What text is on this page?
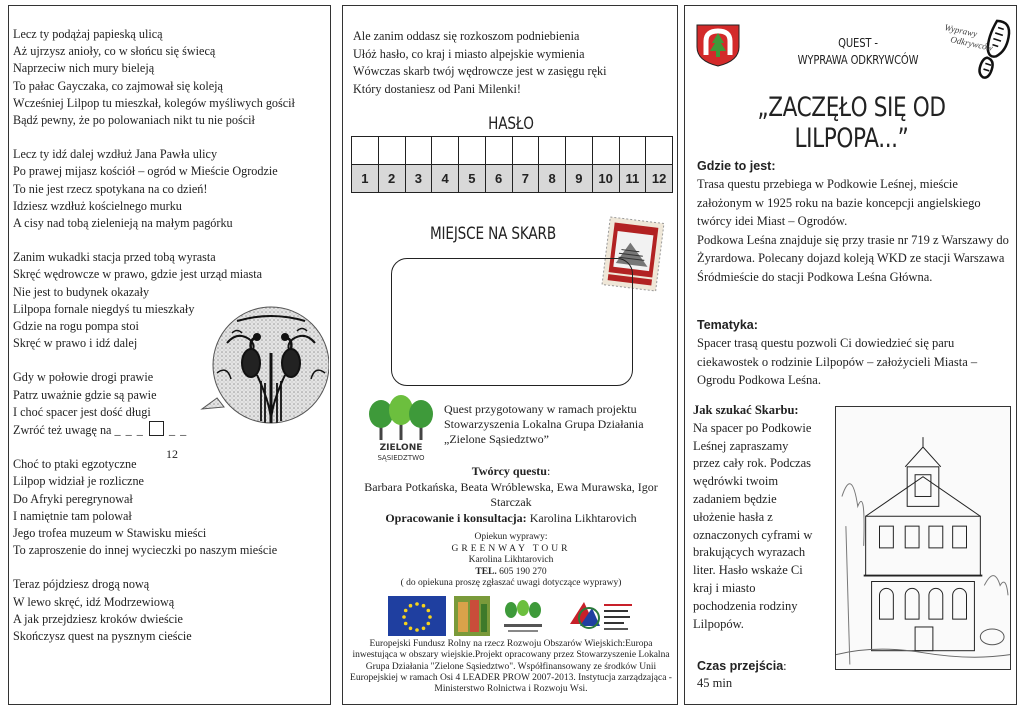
Lecz ty podążaj papieską ulicą
Aż ujrzysz anioły, co w słońcu się świecą
Naprzeciw nich mury bieleją
To pałac Gayczaka, co zajmował się koleją
Wcześniej Lilpop tu mieszkał, kolegów myśliwych gościł
Bądź pewny, że po polowaniach nikt tu nie pościł
Lecz ty idź dalej wzdłuż Jana Pawła ulicy
Po prawej mijasz kościół – ogród w Mieście Ogrodzie
To nie jest rzecz spotykana na co dzień!
Idziesz wzdłuż kościelnego murku
A cisy nad tobą zielenieją na małym pagórku
Zanim wukadki stacja przed tobą wyrasta
Skręć wędrowcze w prawo, gdzie jest urząd miasta
Nie jest to budynek okazały
Lilpopa fornale niegdyś tu mieszkały
Gdzie na rogu pompa stoi
Skręć w prawo i idź dalej
Gdy w połowie drogi prawie
Patrz uważnie gdzie są pawie
I choć spacer jest dość długi
Zwróć też uwagę na _ _ _ _ _
Choć to ptaki egzotyczne
Lilpop widział je rozliczne
Do Afryki peregrynował
I namiętnie tam polował
Jego trofea muzeum w Stawisku mieści
To zaproszenie do innej wycieczki po naszym mieście
Teraz pójdziesz drogą nową
W lewo skręć, idź Modrzewiową
A jak przejdziesz kroków dwieście
Skończysz quest na pysznym cieście
12
Ale zanim oddasz się rozkoszom podniebienia
Ułóż hasło, co kraj i miasto alpejskie wymienia
Wówczas skarb twój wędrowcze jest w zasięgu ręki
Który dostaniesz od Pani Milenki!
HASŁO

1	2	3	4	5	6	7	8	9	10	11	12
MIEJSCE NA SKARB
ZIELONE
SĄSIEDZTWO
Quest przygotowany w ramach projektu Stowarzyszenia Lokalna Grupa Działania „Zielone Sąsiedztwo”
Twórcy questu:
Barbara Potkańska, Beata Wróblewska, Ewa Murawska, Igor Starczak
Opracowanie i konsultacja: Karolina Likhtarovich
Opiekun wyprawy:
GREENWAY TOUR
Karolina Likhtarovich
TEL. 605 190 270
( do opiekuna proszę zgłaszać uwagi dotyczące wyprawy)
Europejski Fundusz Rolny na rzecz Rozwoju Obszarów Wiejskich:Europa inwestująca w obszary wiejskie.Projekt opracowany przez Stowarzyszenie Lokalna Grupa Działania "Zielone Sąsiedztwo". Współfinansowany ze środków Unii Europejskiej w ramach Osi 4 LEADER PROW 2007-2013. Instytucja zarządzająca - Ministerstwo Rolnictwa i Rozwoju Wsi.
QUEST -
WYPRAWA ODKRYWCÓW
Wyprawy
Odkrywców
„ZACZĘŁO SIĘ OD LILPOPA...”
Gdzie to jest:

Trasa questu przebiega w Podkowie Leśnej, mieście założonym w 1925 roku na bazie koncepcji angielskiego twórcy idei Miast – Ogrodów.

Podkowa Leśna znajduje się przy trasie nr 719 z Warszawy do Żyrardowa. Polecany dojazd koleją WKD ze stacji Warszawa Śródmieście do stacji Podkowa Leśna Główna.

Tematyka:

Spacer trasą questu pozwoli Ci dowiedzieć się paru ciekawostek o rodzinie Lilpopów – założycieli Miasta – Ogrodu Podkowa Leśna.

Jak szukać Skarbu:
Na spacer po Podkowie
Leśnej zapraszamy
przez cały rok. Podczas
wędrówki twoim
zadaniem będzie
ułożenie hasła z
oznaczonych cyframi w
brakujących wyrazach
liter. Hasło wskaże Ci
kraj i miasto
pochodzenia rodziny
Lilpopów.
Czas przejścia:
45 min
